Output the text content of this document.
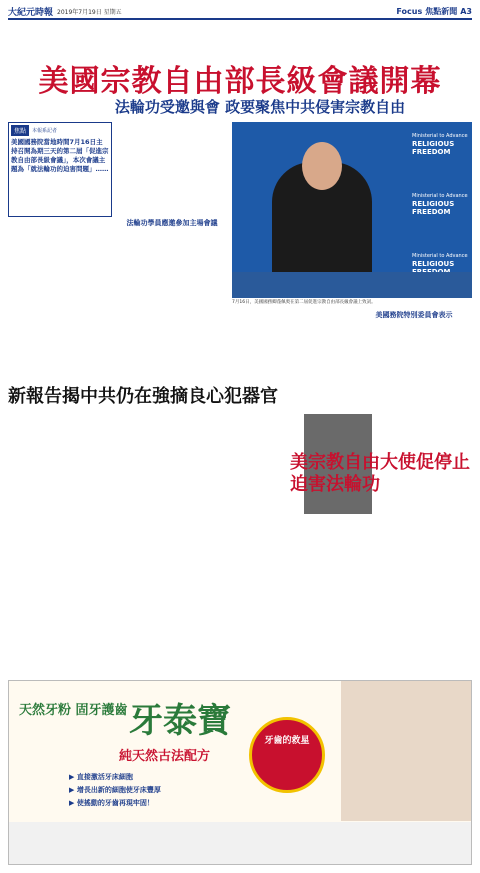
大紀元時報 2019年7月19日 星期五	Focus 焦點新聞 A3
美國宗教自由部長級會議開幕
法輪功受邀與會 政要聚焦中共侵害宗教自由
焦點	本報系記者

美國國務院當地時間7月16日主持召開為期三天的第二屆「促進宗教自由部長級會議」，本次會議主題為「就法輪功的迫害問題」……

法輪功學員應邀參加主場會議
Ministerial to Advance
RELIGIOUS FREEDOM
Ministerial to Advance
RELIGIOUS FREEDOM
Ministerial to Advance
RELIGIOUS
7月16日，美國國務卿蓬佩奧在第二屆促進宗教自由部長級會議上致詞。
美國務院特別委員會表示
新報告揭中共仍在強摘良心犯器官
美宗教自由大使促停止迫害法輪功
天然牙粉 固牙護齒 牙泰寶
純天然古法配方
▶ 直接激活牙床細胞
▶ 增長出新的細胞使牙床豐厚
▶ 使搖動的牙齒再現牢固！
牙齒的救星
